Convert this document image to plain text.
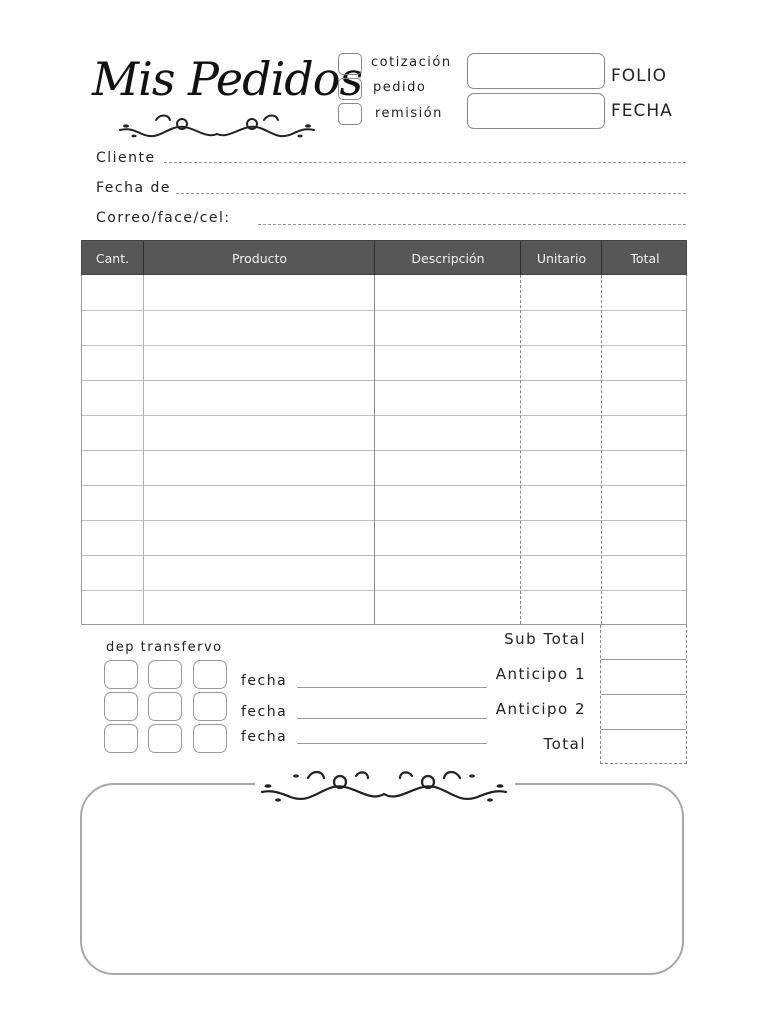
Mis Pedidos cotización
pedido
remisión
FOLIO
FECHA
Cliente
Fecha de
Correo/face/cel:
Cant.	Producto	Descripción	Unitario	Total
dep transfervo
fecha
fecha
fecha
Sub Total
Anticipo 1
Anticipo 2
Total
